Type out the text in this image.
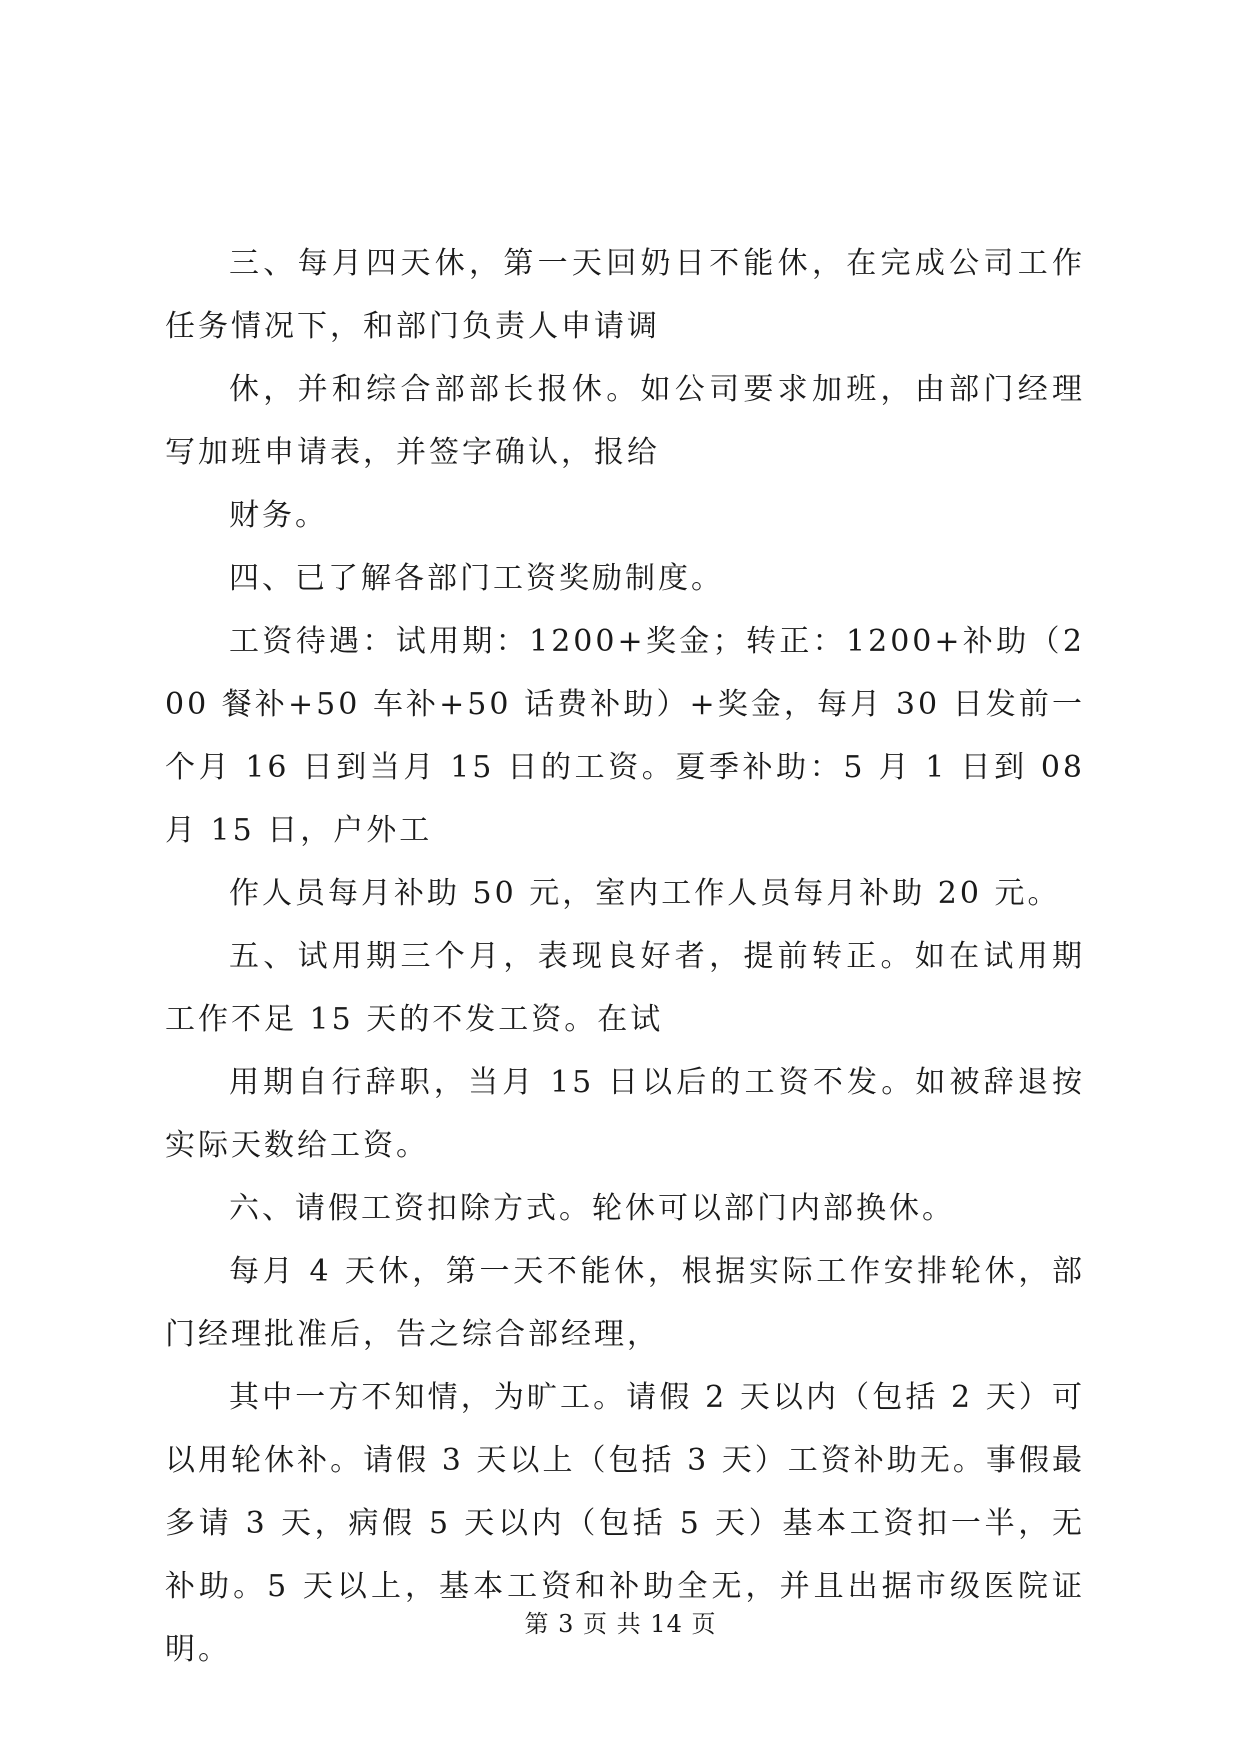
三、每月四天休，第一天回奶日不能休，在完成公司工作任务情况下，和部门负责人申请调

休，并和综合部部长报休。如公司要求加班，由部门经理写加班申请表，并签字确认，报给

财务。

四、已了解各部门工资奖励制度。

工资待遇：试用期：1200+奖金；转正：1200+补助（200 餐补+50 车补+50 话费补助）+奖金，每月 30 日发前一个月 16 日到当月 15 日的工资。夏季补助：5 月 1 日到 08 月 15 日，户外工

作人员每月补助 50 元，室内工作人员每月补助 20 元。

五、试用期三个月，表现良好者，提前转正。如在试用期工作不足 15 天的不发工资。在试

用期自行辞职，当月 15 日以后的工资不发。如被辞退按实际天数给工资。

六、请假工资扣除方式。轮休可以部门内部换休。

每月 4 天休，第一天不能休，根据实际工作安排轮休，部门经理批准后，告之综合部经理，

其中一方不知情，为旷工。请假 2 天以内（包括 2 天）可以用轮休补。请假 3 天以上（包括 3 天）工资补助无。事假最多请 3 天，病假 5 天以内（包括 5 天）基本工资扣一半，无补助。5 天以上，基本工资和补助全无，并且出据市级医院证明。

第 3 页 共 14 页
